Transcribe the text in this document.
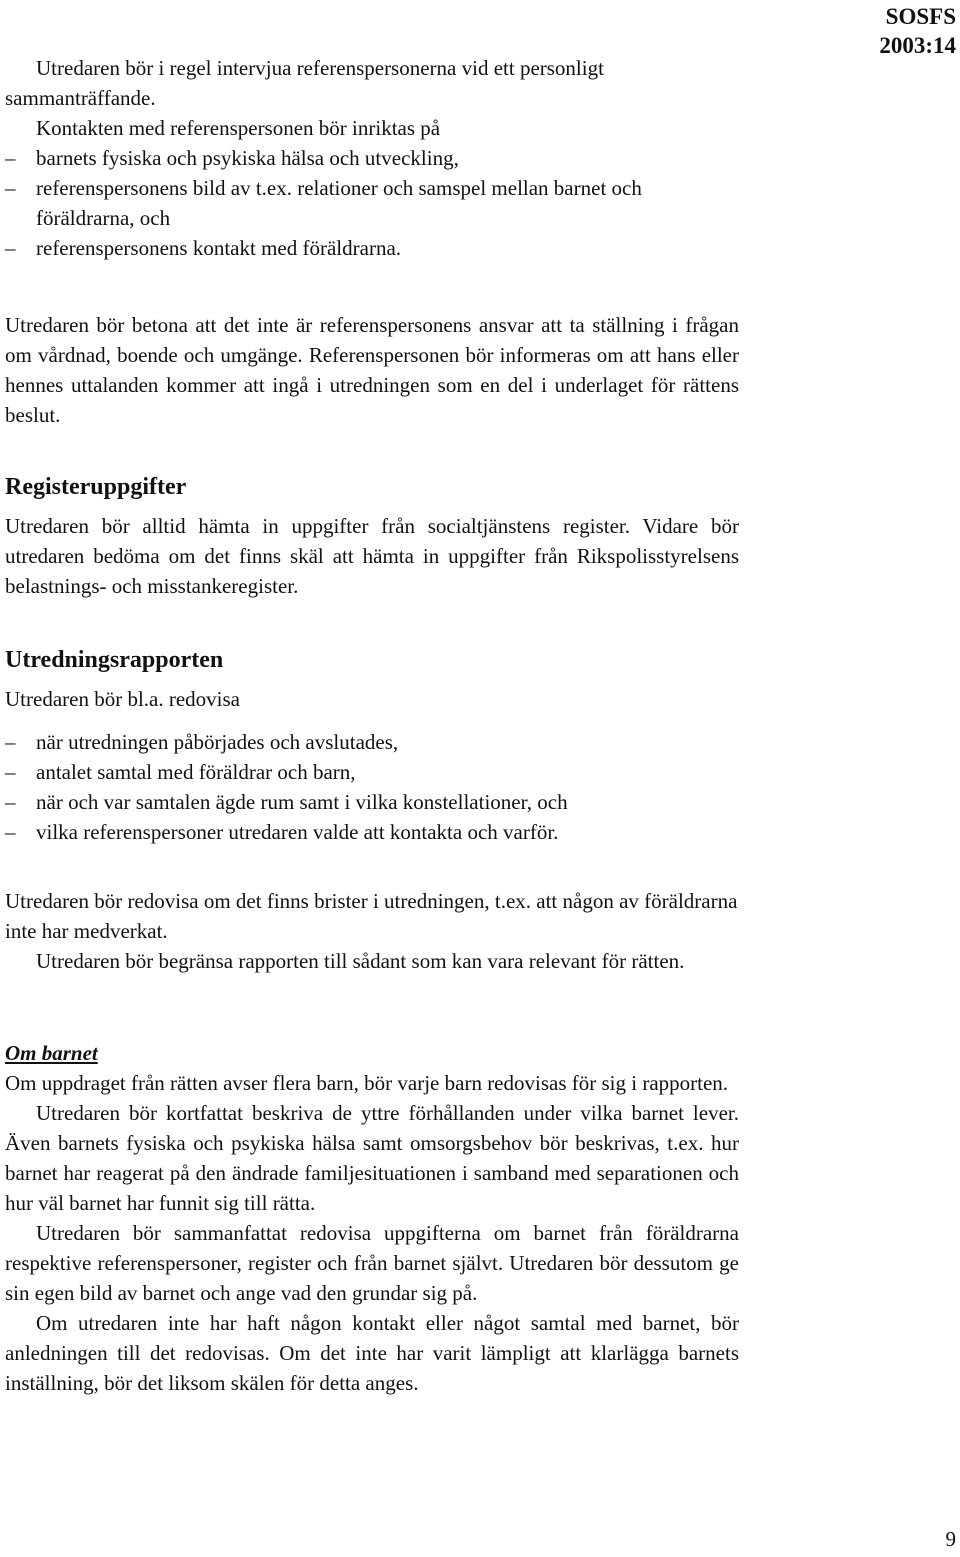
SOSFS
2003:14

Utredaren bör i regel intervjua referenspersonerna vid ett personligt sammanträffande.

Kontakten med referenspersonen bör inriktas på

– barnets fysiska och psykiska hälsa och utveckling,

– referenspersonens bild av t.ex. relationer och samspel mellan barnet och föräldrarna, och

– referenspersonens kontakt med föräldrarna.

Utredaren bör betona att det inte är referenspersonens ansvar att ta ställning i frågan om vårdnad, boende och umgänge. Referenspersonen bör informeras om att hans eller hennes uttalanden kommer att ingå i utredningen som en del i underlaget för rättens beslut.

Registeruppgifter

Utredaren bör alltid hämta in uppgifter från socialtjänstens register. Vidare bör utredaren bedöma om det finns skäl att hämta in uppgifter från Rikspolisstyrelsens belastnings- och misstankeregister.

Utredningsrapporten

Utredaren bör bl.a. redovisa

– när utredningen påbörjades och avslutades,

– antalet samtal med föräldrar och barn,

– när och var samtalen ägde rum samt i vilka konstellationer, och

– vilka referenspersoner utredaren valde att kontakta och varför.

Utredaren bör redovisa om det finns brister i utredningen, t.ex. att någon av föräldrarna inte har medverkat.

Utredaren bör begränsa rapporten till sådant som kan vara relevant för rätten.

Om barnet

Om uppdraget från rätten avser flera barn, bör varje barn redovisas för sig i rapporten.

Utredaren bör kortfattat beskriva de yttre förhållanden under vilka barnet lever. Även barnets fysiska och psykiska hälsa samt omsorgsbehov bör beskrivas, t.ex. hur barnet har reagerat på den ändrade familjesituationen i samband med separationen och hur väl barnet har funnit sig till rätta.

Utredaren bör sammanfattat redovisa uppgifterna om barnet från föräldrarna respektive referenspersoner, register och från barnet självt. Utredaren bör dessutom ge sin egen bild av barnet och ange vad den grundar sig på.

Om utredaren inte har haft någon kontakt eller något samtal med barnet, bör anledningen till det redovisas. Om det inte har varit lämpligt att klarlägga barnets inställning, bör det liksom skälen för detta anges.

9
